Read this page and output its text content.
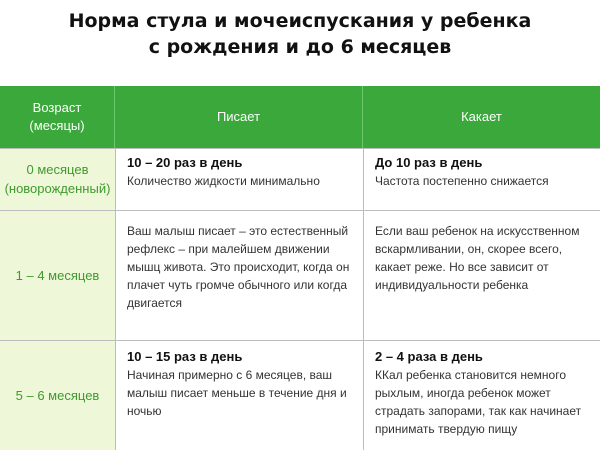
Норма стула и мочеиспускания у ребенка
с рождения и до 6 месяцев
Возраст
(месяцы)
Писает	Какает
0 месяцев
(новорожденный)
10 – 20 раз в день
Количество жидкости минимально
До 10 раз в день
Частота постепенно снижается
1 – 4 месяцев
Ваш малыш писает – это естественный рефлекс – при малейшем движении мышц живота. Это происходит, когда он плачет чуть громче обычного или когда двигается
Если ваш ребенок на искусственном вскармливании, он, скорее всего, какает реже. Но все зависит от индивидуальности ребенка
5 – 6 месяцев
10 – 15 раз в день
Начиная примерно с 6 месяцев, ваш малыш писает меньше в течение дня и ночью
2 – 4 раза в день
ККал ребенка становится немного рыхлым, иногда ребенок может страдать запорами, так как начинает принимать твердую пищу
